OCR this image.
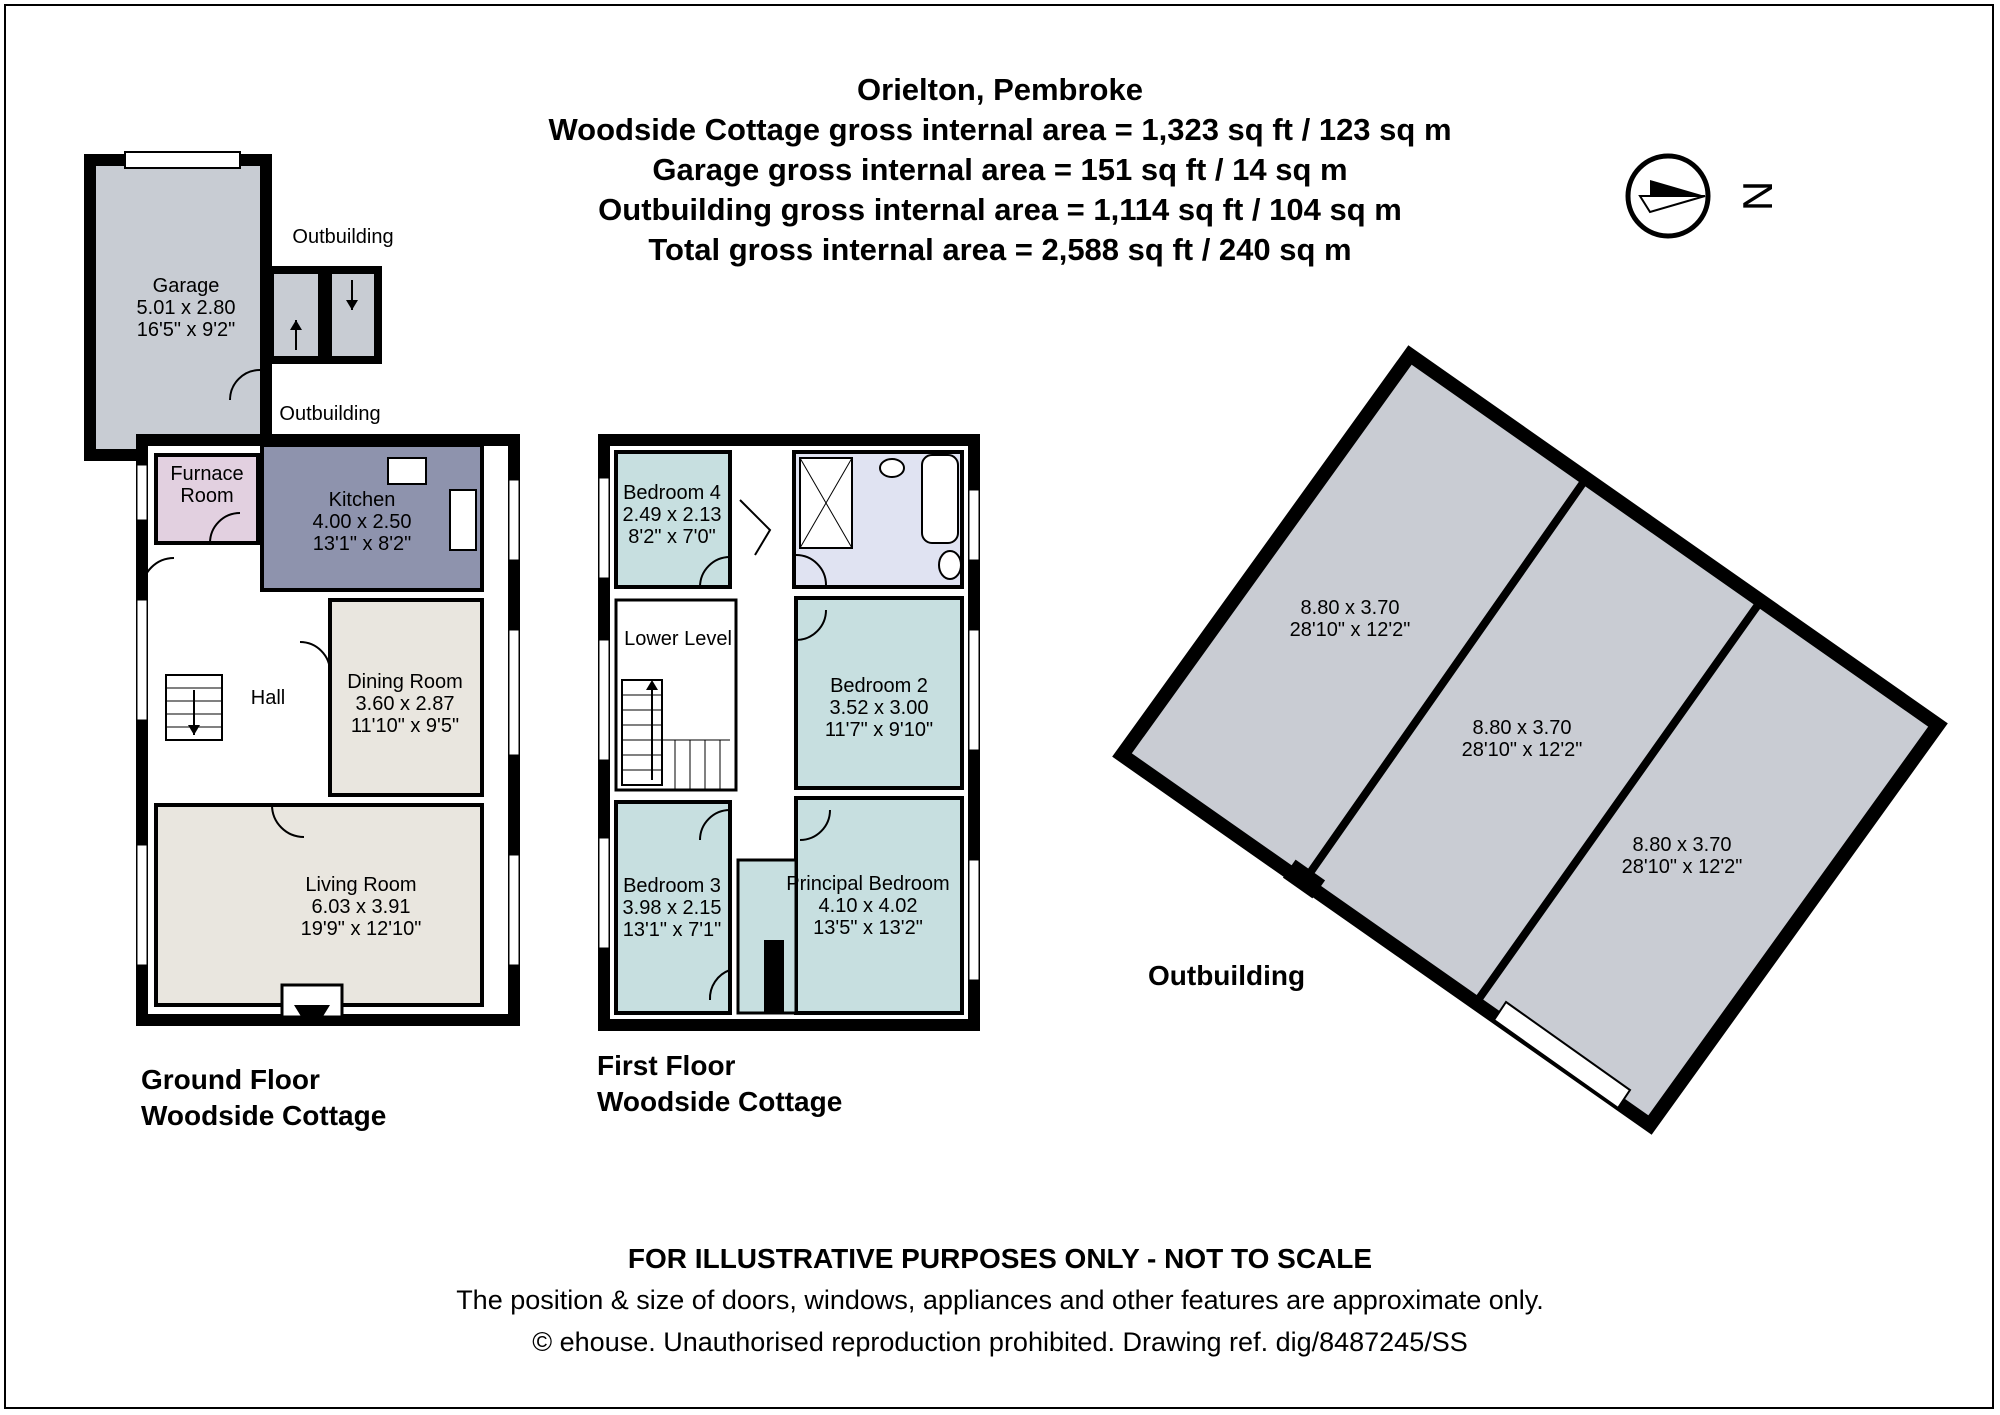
Orielton, Pembroke
Woodside Cottage gross internal area = 1,323 sq ft / 123 sq m
Garage gross internal area = 151 sq ft / 14 sq m
Outbuilding gross internal area = 1,114 sq ft / 104 sq m
Total gross internal area = 2,588 sq ft / 240 sq m
N
Garage
5.01 x 2.80
16'5" x 9'2"
Outbuilding
Outbuilding
Furnace
Room	Kitchen
4.00 x 2.50
13'1" x 8'2"
Hall
Dining Room
3.60 x 2.87
11'10" x 9'5"
Living Room
6.03 x 3.91
19'9" x 12'10"
Bedroom 4
2.49 x 2.13
8'2" x 7'0"
Lower Level
Bedroom 2
3.52 x 3.00
11'7" x 9'10"
Bedroom 3
3.98 x 2.15
13'1" x 7'1"
Principal Bedroom
4.10 x 4.02
13'5" x 13'2"
8.80 x 3.70
28'10" x 12'2"
8.80 x 3.70
28'10" x 12'2"
8.80 x 3.70
28'10" x 12'2"
Ground Floor
Woodside Cottage
First Floor
Woodside Cottage
Outbuilding
FOR ILLUSTRATIVE PURPOSES ONLY - NOT TO SCALE
The position & size of doors, windows, appliances and other features are approximate only.
© ehouse. Unauthorised reproduction prohibited. Drawing ref. dig/8487245/SS
